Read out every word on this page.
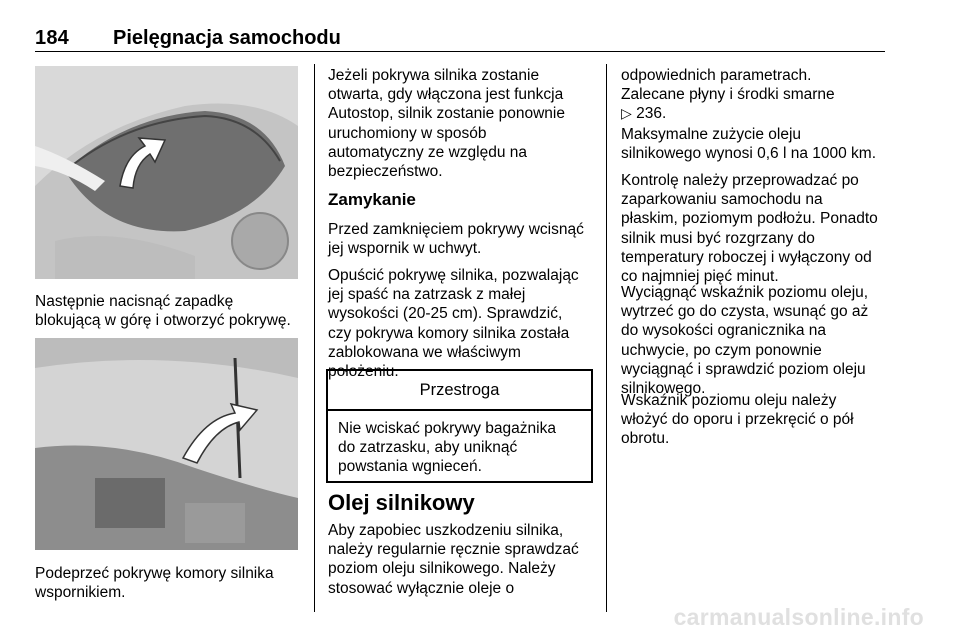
184 Pielęgnacja samochodu
Następnie nacisnąć zapadkę
blokującą w górę i otworzyć pokrywę.
Podeprzeć pokrywę komory silnika
wspornikiem.
Jeżeli pokrywa silnika zostanie
otwarta, gdy włączona jest funkcja
Autostop, silnik zostanie ponownie
uruchomiony w sposób
automatyczny ze względu na
bezpieczeństwo.
Zamykanie
Przed zamknięciem pokrywy wcisnąć
jej wspornik w uchwyt.
Opuścić pokrywę silnika, pozwalając
jej spaść na zatrzask z małej
wysokości (20-25 cm). Sprawdzić,
czy pokrywa komory silnika została
zablokowana we właściwym
położeniu.
Przestroga
Nie wciskać pokrywy bagażnika
do zatrzasku, aby uniknąć
powstania wgnieceń.
Olej silnikowy
Aby zapobiec uszkodzeniu silnika,
należy regularnie ręcznie sprawdzać
poziom oleju silnikowego. Należy
stosować wyłącznie oleje o
odpowiednich parametrach.
Zalecane płyny i środki smarne
▷ 236.
Maksymalne zużycie oleju
silnikowego wynosi 0,6 l na 1000 km.
Kontrolę należy przeprowadzać po
zaparkowaniu samochodu na
płaskim, poziomym podłożu. Ponadto
silnik musi być rozgrzany do
temperatury roboczej i wyłączony od
co najmniej pięć minut.
Wyciągnąć wskaźnik poziomu oleju,
wytrzeć go do czysta, wsunąć go aż
do wysokości ogranicznika na
uchwycie, po czym ponownie
wyciągnąć i sprawdzić poziom oleju
silnikowego.
Wskaźnik poziomu oleju należy
włożyć do oporu i przekręcić o pół
obrotu.
carmanualsonline.info
